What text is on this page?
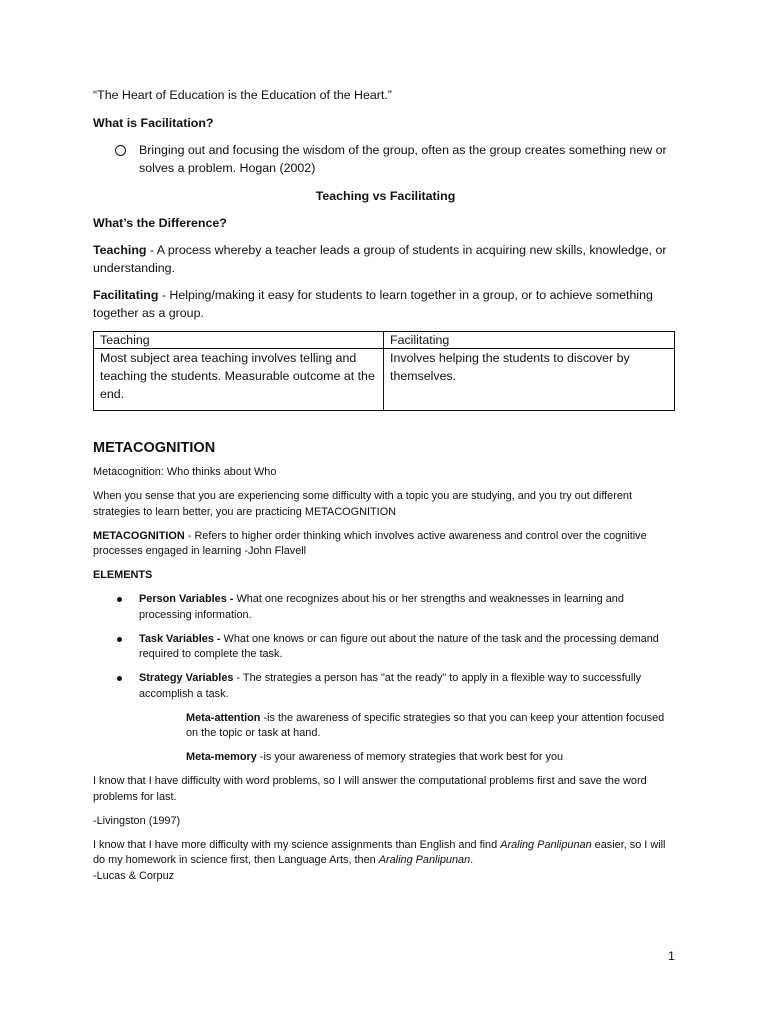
“The Heart of Education is the Education of the Heart.”

What is Facilitation?

Bringing out and focusing the wisdom of the group, often as the group creates something new or solves a problem. Hogan (2002)

Teaching vs Facilitating

What’s the Difference?

Teaching - A process whereby a teacher leads a group of students in acquiring new skills, knowledge, or understanding.

Facilitating - Helping/making it easy for students to learn together in a group, or to achieve something together as a group.

Teaching	Facilitating
Most subject area teaching involves telling and teaching the students. Measurable outcome at the end.	Involves helping the students to discover by themselves.

METACOGNITION

Metacognition: Who thinks about Who

When you sense that you are experiencing some difficulty with a topic you are studying, and you try out different strategies to learn better, you are practicing METACOGNITION

METACOGNITION - Refers to higher order thinking which involves active awareness and control over the cognitive processes engaged in learning -John Flavell

ELEMENTS

Person Variables - What one recognizes about his or her strengths and weaknesses in learning and processing information.
Task Variables - What one knows or can figure out about the nature of the task and the processing demand required to complete the task.
Strategy Variables - The strategies a person has "at the ready" to apply in a flexible way to successfully accomplish a task.

Meta-attention -is the awareness of specific strategies so that you can keep your attention focused on the topic or task at hand.

Meta-memory -is your awareness of memory strategies that work best for you

I know that I have difficulty with word problems, so I will answer the computational problems first and save the word problems for last.

-Livingston (1997)

I know that I have more difficulty with my science assignments than English and find Araling Panlipunan easier, so I will do my homework in science first, then Language Arts, then Araling Panlipunan.

-Lucas & Corpuz

1
